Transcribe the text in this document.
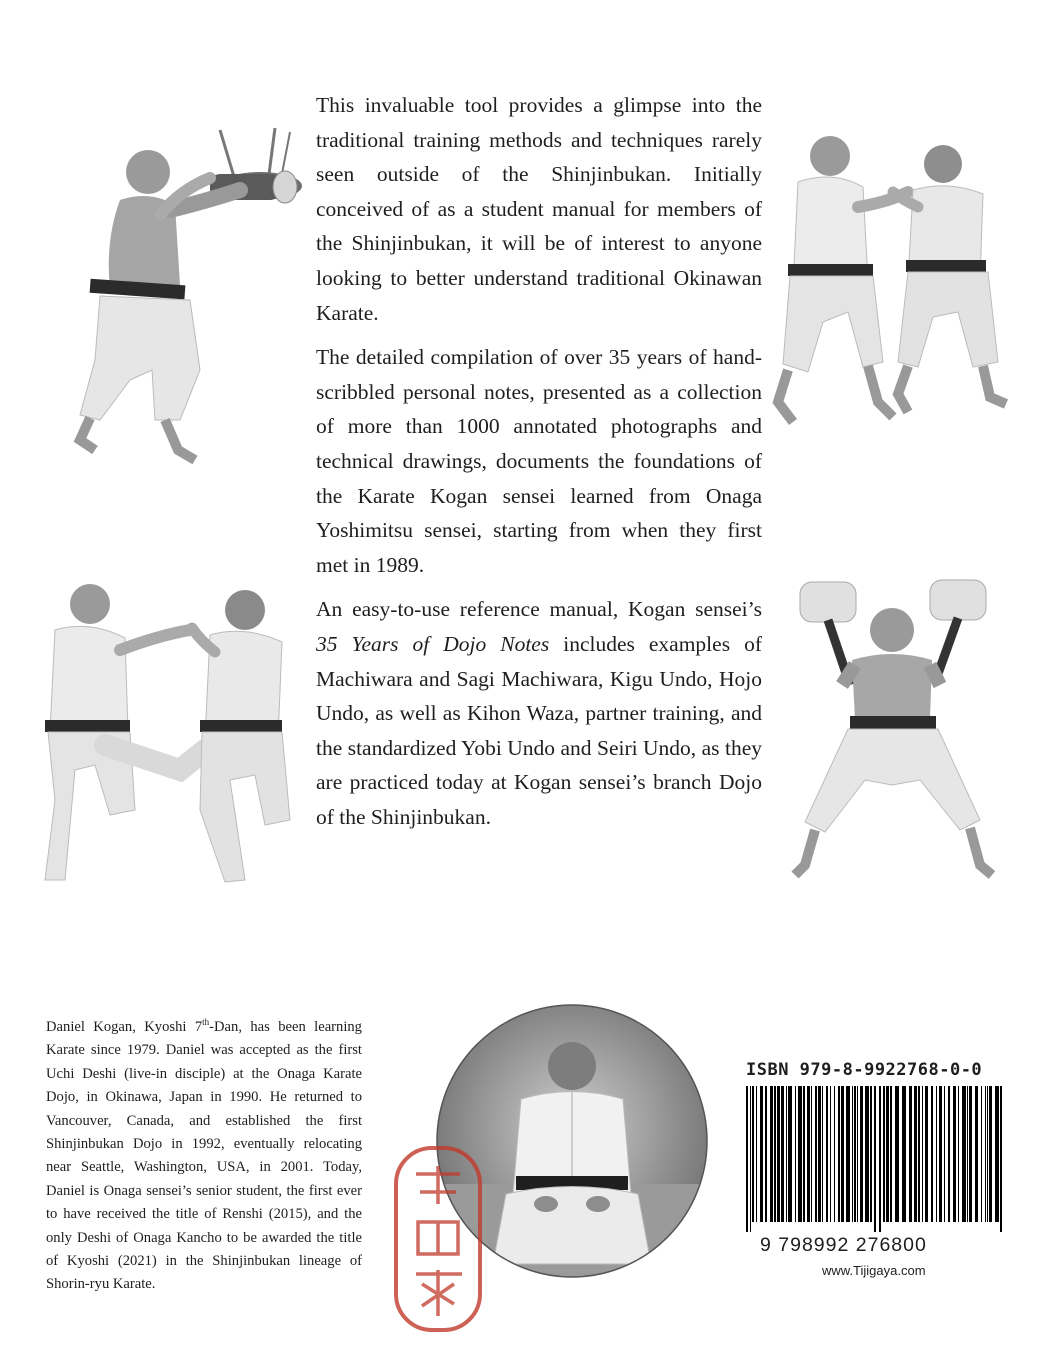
This invaluable tool provides a glimpse into the traditional training methods and techniques rarely seen outside of the Shinjinbukan. Initially conceived of as a student manual for members of the Shinjinbukan, it will be of interest to anyone looking to better understand traditional Okinawan Karate.

The detailed compilation of over 35 years of hand-scribbled personal notes, presented as a collection of more than 1000 annotated photographs and technical drawings, documents the foundations of the Karate Kogan sensei learned from Onaga Yoshimitsu sensei, starting from when they first met in 1989.

An easy-to-use reference manual, Kogan sensei’s 35 Years of Dojo Notes includes examples of Machiwara and Sagi Machiwara, Kigu Undo, Hojo Undo, as well as Kihon Waza, partner training, and the standardized Yobi Undo and Seiri Undo, as they are practiced today at Kogan sensei’s branch Dojo of the Shinjinbukan.

Daniel Kogan, Kyoshi 7th-Dan, has been learning Karate since 1979. Daniel was accepted as the first Uchi Deshi (live-in disciple) at the Onaga Karate Dojo, in Okinawa, Japan in 1990. He returned to Vancouver, Canada, and established the first Shinjinbukan Dojo in 1992, eventually relocating near Seattle, Washington, USA, in 2001. Today, Daniel is Onaga sensei’s senior student, the first ever to have received the title of Renshi (2015), and the only Deshi of Onaga Kancho to be awarded the title of Kyoshi (2021) in the Shinjinbukan lineage of Shorin-ryu Karate.
ISBN 979-8-9922768-0-0
9 798992 276800
www.Tijigaya.com
